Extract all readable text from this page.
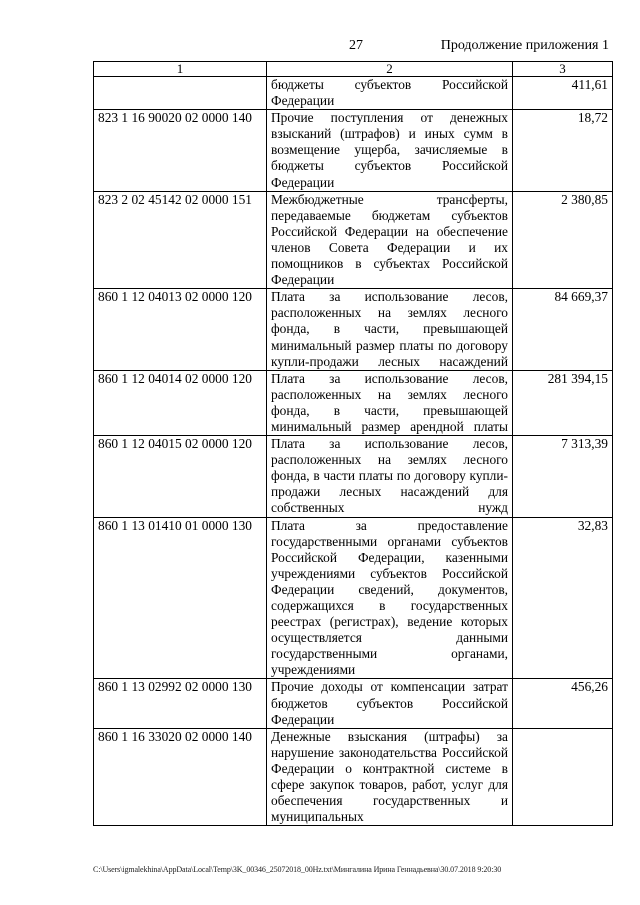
27	Продолжение приложения 1
1	2	3
	бюджеты субъектов Российской Федерации	411,61
823 1 16 90020 02 0000 140	Прочие поступления от денежных взысканий (штрафов) и иных сумм в возмещение ущерба, зачисляемые в бюджеты субъектов Российской Федерации	18,72
823 2 02 45142 02 0000 151	Межбюджетные трансферты, передаваемые бюджетам субъектов Российской Федерации на обеспечение членов Совета Федерации и их помощников в субъектах Российской Федерации	2 380,85
860 1 12 04013 02 0000 120	Плата за использование лесов, расположенных на землях лесного фонда, в части, превышающей минимальный размер платы по договору купли-продажи лесных насаждений	84 669,37
860 1 12 04014 02 0000 120	Плата за использование лесов, расположенных на землях лесного фонда, в части, превышающей минимальный размер арендной платы	281 394,15
860 1 12 04015 02 0000 120	Плата за использование лесов, расположенных на землях лесного фонда, в части платы по договору купли-продажи лесных насаждений для собственных нужд	7 313,39
860 1 13 01410 01 0000 130	Плата за предоставление государственными органами субъектов Российской Федерации, казенными учреждениями субъектов Российской Федерации сведений, документов, содержащихся в государственных реестрах (регистрах), ведение которых осуществляется данными государственными органами, учреждениями	32,83
860 1 13 02992 02 0000 130	Прочие доходы от компенсации затрат бюджетов субъектов Российской Федерации	456,26
860 1 16 33020 02 0000 140	Денежные взыскания (штрафы) за нарушение законодательства Российской Федерации о контрактной системе в сфере закупок товаров, работ, услуг для обеспечения государственных и муниципальных	
C:\Users\igmalekhina\AppData\Local\Temp\3K_00346_25072018_00Hz.txt\Мингалина Ирина Геннадьевна\30.07.2018 9:20:30
